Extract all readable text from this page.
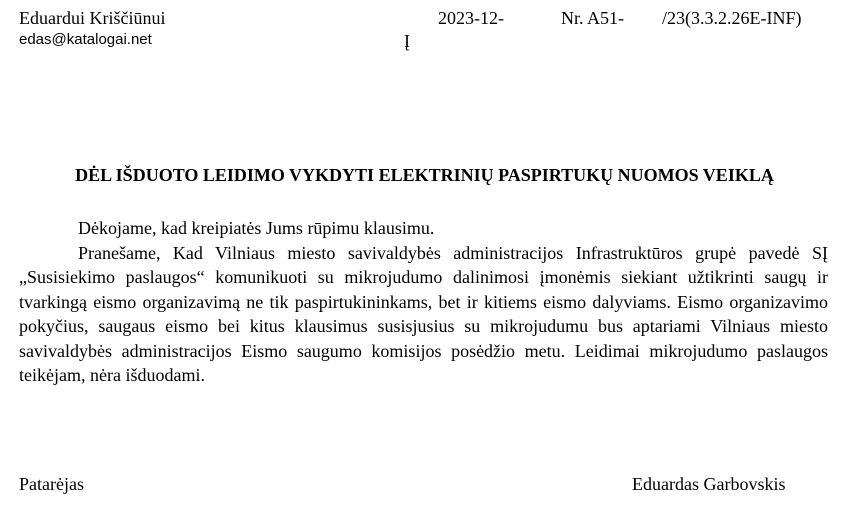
Eduardui Kriščiūnui
edas@katalogai.net
2023-12-
Į
Nr. A51- /23(3.3.2.26E-INF)
DĖL IŠDUOTO LEIDIMO VYKDYTI ELEKTRINIŲ PASPIRTUKŲ NUOMOS VEIKLĄ

Dėkojame, kad kreipiatės Jums rūpimu klausimu.

Pranešame, Kad Vilniaus miesto savivaldybės administracijos Infrastruktūros grupė pavedė SĮ „Susisiekimo paslaugos“ komunikuoti su mikrojudumo dalinimosi įmonėmis siekiant užtikrinti saugų ir tvarkingą eismo organizavimą ne tik paspirtukininkams, bet ir kitiems eismo dalyviams. Eismo organizavimo pokyčius, saugaus eismo bei kitus klausimus susisjusius su mikrojudumu bus aptariami Vilniaus miesto savivaldybės administracijos Eismo saugumo komisijos posėdžio metu. Leidimai mikrojudumo paslaugos teikėjam, nėra išduodami.

Patarėjas	Eduardas Garbovskis
